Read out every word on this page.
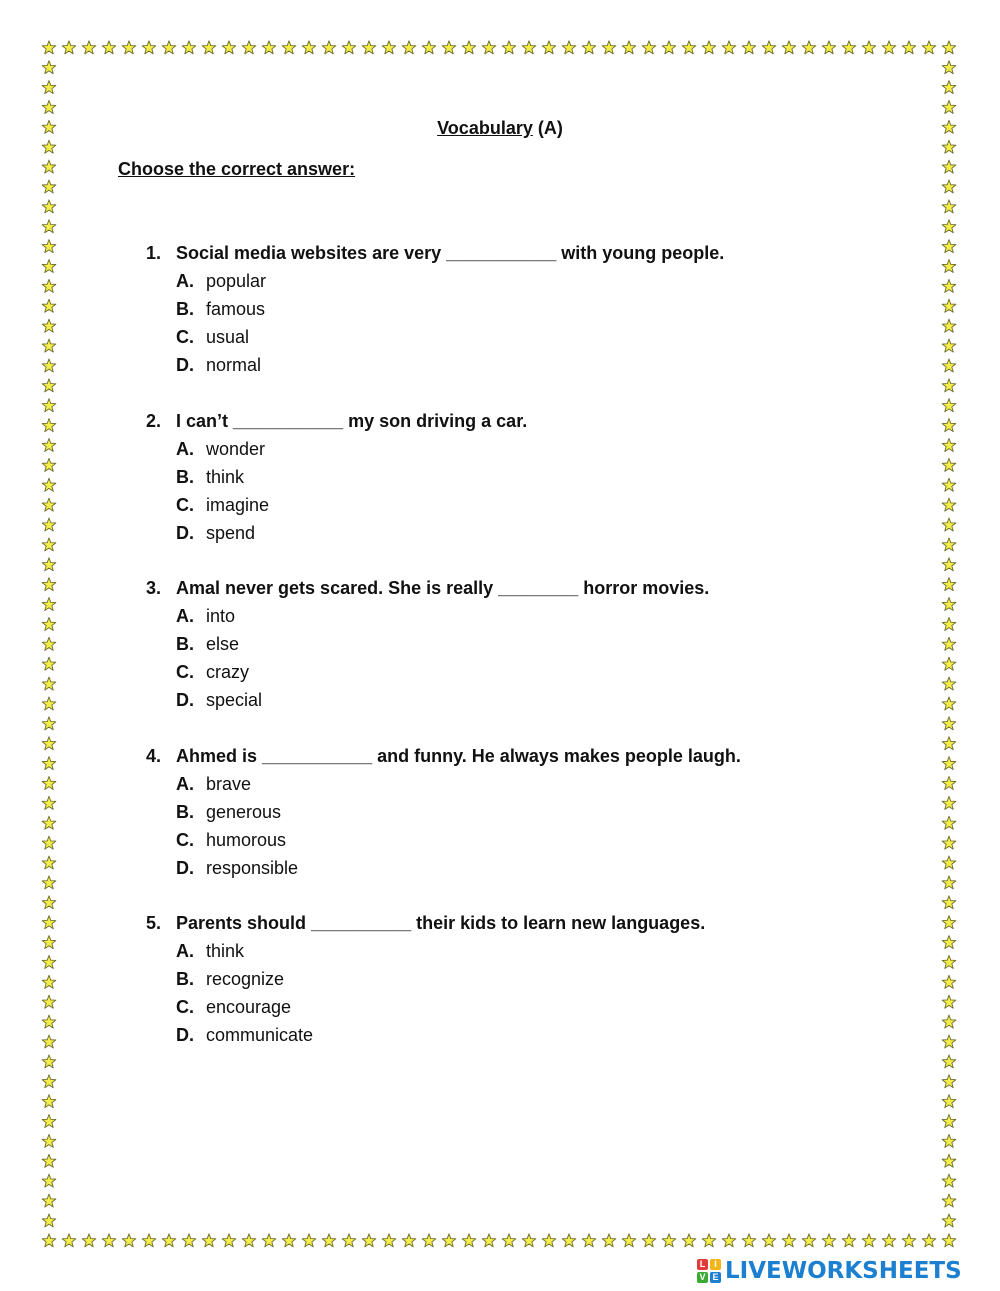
Vocabulary (A)
Choose the correct answer:
1. Social media websites are very ___________ with young people.
A. popular
B. famous
C. usual
D. normal
2. I can’t ___________ my son driving a car.
A. wonder
B. think
C. imagine
D. spend
3. Amal never gets scared. She is really ________ horror movies.
A. into
B. else
C. crazy
D. special
4. Ahmed is ___________ and funny. He always makes people laugh.
A. brave
B. generous
C. humorous
D. responsible
5. Parents should __________ their kids to learn new languages.
A. think
B. recognize
C. encourage
D. communicate
L I
V E LIVEWORKSHEETS
